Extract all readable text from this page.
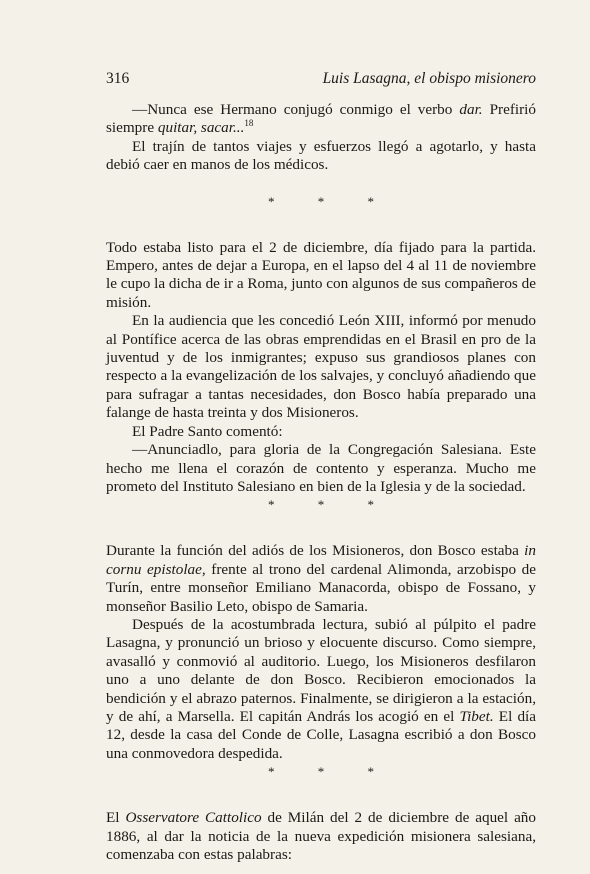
316	Luis Lasagna, el obispo misionero

—Nunca ese Hermano conjugó conmigo el verbo dar. Prefirió siempre quitar, sacar...$^{18}$

El trajín de tantos viajes y esfuerzos llegó a agotarlo, y hasta debió caer en manos de los médicos.

* * *

Todo estaba listo para el 2 de diciembre, día fijado para la partida. Empero, antes de dejar a Europa, en el lapso del 4 al 11 de noviembre le cupo la dicha de ir a Roma, junto con algunos de sus compañeros de misión.

En la audiencia que les concedió León XIII, informó por menudo al Pontífice acerca de las obras emprendidas en el Brasil en pro de la juventud y de los inmigrantes; expuso sus grandiosos planes con respecto a la evangelización de los salvajes, y concluyó añadiendo que para sufragar a tantas necesidades, don Bosco había preparado una falange de hasta treinta y dos Misioneros.

El Padre Santo comentó:

—Anunciadlo, para gloria de la Congregación Salesiana. Este hecho me llena el corazón de contento y esperanza. Mucho me prometo del Instituto Salesiano en bien de la Iglesia y de la sociedad.

* * *

Durante la función del adiós de los Misioneros, don Bosco estaba in cornu epistolae, frente al trono del cardenal Alimonda, arzobispo de Turín, entre monseñor Emiliano Manacorda, obispo de Fossano, y monseñor Basilio Leto, obispo de Samaria.

Después de la acostumbrada lectura, subió al púlpito el padre Lasagna, y pronunció un brioso y elocuente discurso. Como siempre, avasalló y conmovió al auditorio. Luego, los Misioneros desfilaron uno a uno delante de don Bosco. Recibieron emocionados la bendición y el abrazo paternos. Finalmente, se dirigieron a la estación, y de ahí, a Marsella. El capitán András los acogió en el Tibet. El día 12, desde la casa del Conde de Colle, Lasagna escribió a don Bosco una conmovedora despedida.

* * *

El Osservatore Cattolico de Milán del 2 de diciembre de aquel año 1886, al dar la noticia de la nueva expedición misionera salesiana, comenzaba con estas palabras:
